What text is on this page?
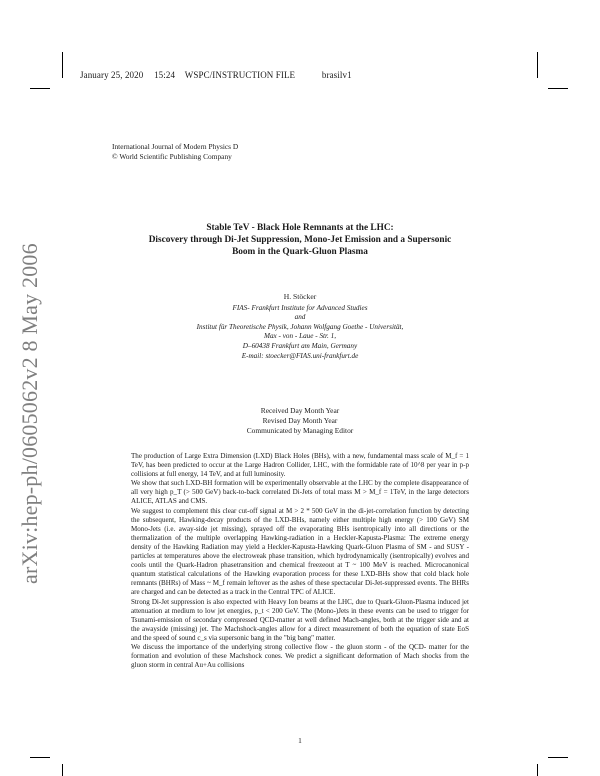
arXiv:hep-ph/0605062v2 8 May 2006
January 25, 2020 15:24 WSPC/INSTRUCTION FILE	brasilv1
International Journal of Modern Physics D
© World Scientific Publishing Company
Stable TeV - Black Hole Remnants at the LHC:
Discovery through Di-Jet Suppression, Mono-Jet Emission and a Supersonic
Boom in the Quark-Gluon Plasma
H. Stöcker
FIAS- Frankfurt Institute for Advanced Studies
and
Institut für Theoretische Physik, Johann Wolfgang Goethe - Universität,
Max - von - Laue - Str. 1,
D–60438 Frankfurt am Main, Germany
E-mail: stoecker@FIAS.uni-frankfurt.de
Received Day Month Year
Revised Day Month Year
Communicated by Managing Editor

The production of Large Extra Dimension (LXD) Black Holes (BHs), with a new, fundamental mass scale of M_f = 1 TeV, has been predicted to occur at the Large Hadron Collider, LHC, with the formidable rate of 10^8 per year in p-p collisions at full energy, 14 TeV, and at full luminosity.

We show that such LXD-BH formation will be experimentally observable at the LHC by the complete disappearance of all very high p_T (> 500 GeV) back-to-back correlated Di-Jets of total mass M > M_f = 1TeV, in the large detectors ALICE, ATLAS and CMS.

We suggest to complement this clear cut-off signal at M > 2 * 500 GeV in the di-jet-correlation function by detecting the subsequent, Hawking-decay products of the LXD-BHs, namely either multiple high energy (> 100 GeV) SM Mono-Jets (i.e. away-side jet missing), sprayed off the evaporating BHs isentropically into all directions or the thermalization of the multiple overlapping Hawking-radiation in a Heckler-Kapusta-Plasma: The extreme energy density of the Hawking Radiation may yield a Heckler-Kapusta-Hawking Quark-Gluon Plasma of SM - and SUSY - particles at temperatures above the electroweak phase transition, which hydrodynamically (isentropically) evolves and cools until the Quark-Hadron phasetransition and chemical freezeout at T ~ 100 MeV is reached. Microcanonical quantum statistical calculations of the Hawking evaporation process for these LXD-BHs show that cold black hole remnants (BHRs) of Mass ~ M_f remain leftover as the ashes of these spectacular Di-Jet-suppressed events. The BHRs are charged and can be detected as a track in the Central TPC of ALICE.

Strong Di-Jet suppression is also expected with Heavy Ion beams at the LHC, due to Quark-Gluon-Plasma induced jet attenuation at medium to low jet energies, p_t < 200 GeV. The (Mono-)Jets in these events can be used to trigger for Tsunami-emission of secondary compressed QCD-matter at well defined Mach-angles, both at the trigger side and at the awayside (missing) jet. The Machshock-angles allow for a direct measurement of both the equation of state EoS and the speed of sound c_s via supersonic bang in the "big bang" matter.

We discuss the importance of the underlying strong collective flow - the gluon storm - of the QCD- matter for the formation and evolution of these Machshock cones. We predict a significant deformation of Mach shocks from the gluon storm in central Au+Au collisions

1
